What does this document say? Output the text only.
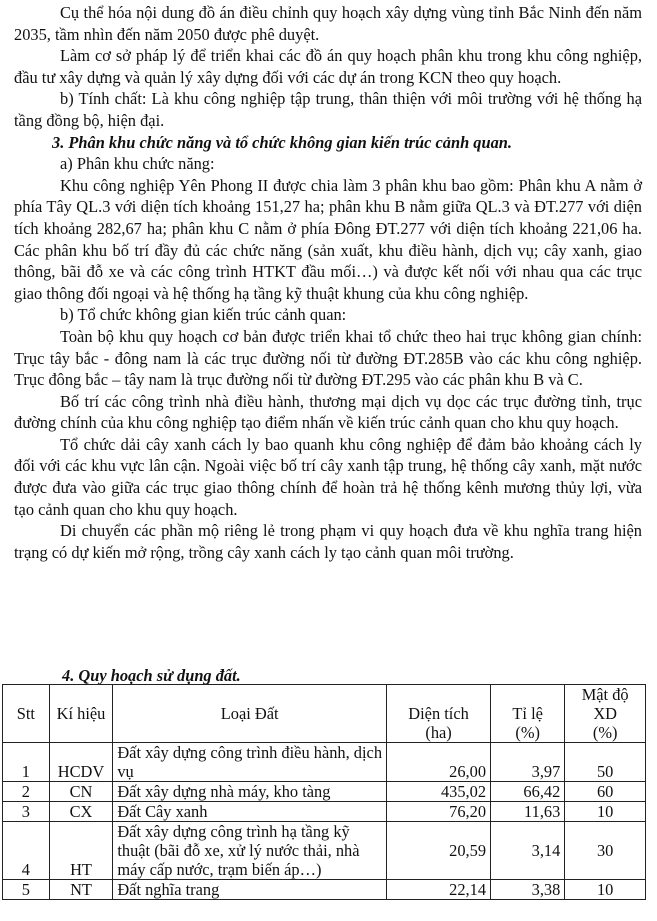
Cụ thể hóa nội dung đồ án điều chỉnh quy hoạch xây dựng vùng tỉnh Bắc Ninh đến năm 2035, tầm nhìn đến năm 2050 được phê duyệt.

Làm cơ sở pháp lý để triển khai các đồ án quy hoạch phân khu trong khu công nghiệp, đầu tư xây dựng và quản lý xây dựng đối với các dự án trong KCN theo quy hoạch.

b) Tính chất: Là khu công nghiệp tập trung, thân thiện với môi trường với hệ thống hạ tầng đồng bộ, hiện đại.

3. Phân khu chức năng và tổ chức không gian kiến trúc cảnh quan.

a) Phân khu chức năng:

Khu công nghiệp Yên Phong II được chia làm 3 phân khu bao gồm: Phân khu A nằm ở phía Tây QL.3 với diện tích khoảng 151,27 ha; phân khu B nằm giữa QL.3 và ĐT.277 với diện tích khoảng 282,67 ha; phân khu C nằm ở phía Đông ĐT.277 với diện tích khoảng 221,06 ha. Các phân khu bố trí đầy đủ các chức năng (sản xuất, khu điều hành, dịch vụ; cây xanh, giao thông, bãi đỗ xe và các công trình HTKT đầu mối…) và được kết nối với nhau qua các trục giao thông đối ngoại và hệ thống hạ tầng kỹ thuật khung của khu công nghiệp.

b) Tổ chức không gian kiến trúc cảnh quan:

Toàn bộ khu quy hoạch cơ bản được triển khai tổ chức theo hai trục không gian chính: Trục tây bắc - đông nam là các trục đường nối từ đường ĐT.285B vào các khu công nghiệp. Trục đông bắc – tây nam là trục đường nối từ đường ĐT.295 vào các phân khu B và C.

Bố trí các công trình nhà điều hành, thương mại dịch vụ dọc các trục đường tỉnh, trục đường chính của khu công nghiệp tạo điểm nhấn về kiến trúc cảnh quan cho khu quy hoạch.

Tổ chức dải cây xanh cách ly bao quanh khu công nghiệp để đảm bảo khoảng cách ly đối với các khu vực lân cận. Ngoài việc bố trí cây xanh tập trung, hệ thống cây xanh, mặt nước được đưa vào giữa các trục giao thông chính để hoàn trả hệ thống kênh mương thủy lợi, vừa tạo cảnh quan cho khu quy hoạch.

Di chuyển các phần mộ riêng lẻ trong phạm vi quy hoạch đưa về khu nghĩa trang hiện trạng có dự kiến mở rộng, trồng cây xanh cách ly tạo cảnh quan môi trường.

4. Quy hoạch sử dụng đất.
Stt	Kí hiệu	Loại Đất	Diện tích	Tỉ lệ	Mật độ XD
			(ha)	(%)	(%)
1	HCDV	Đất xây dựng công trình điều hành, dịch vụ	26,00	3,97	50
2	CN	Đất xây dựng nhà máy, kho tàng	435,02	66,42	60
3	CX	Đất Cây xanh	76,20	11,63	10
4	HT	Đất xây dựng công trình hạ tầng kỹ thuật (bãi đỗ xe, xử lý nước thải, nhà máy cấp nước, trạm biến áp…)	20,59	3,14	30
5	NT	Đất nghĩa trang	22,14	3,38	10
